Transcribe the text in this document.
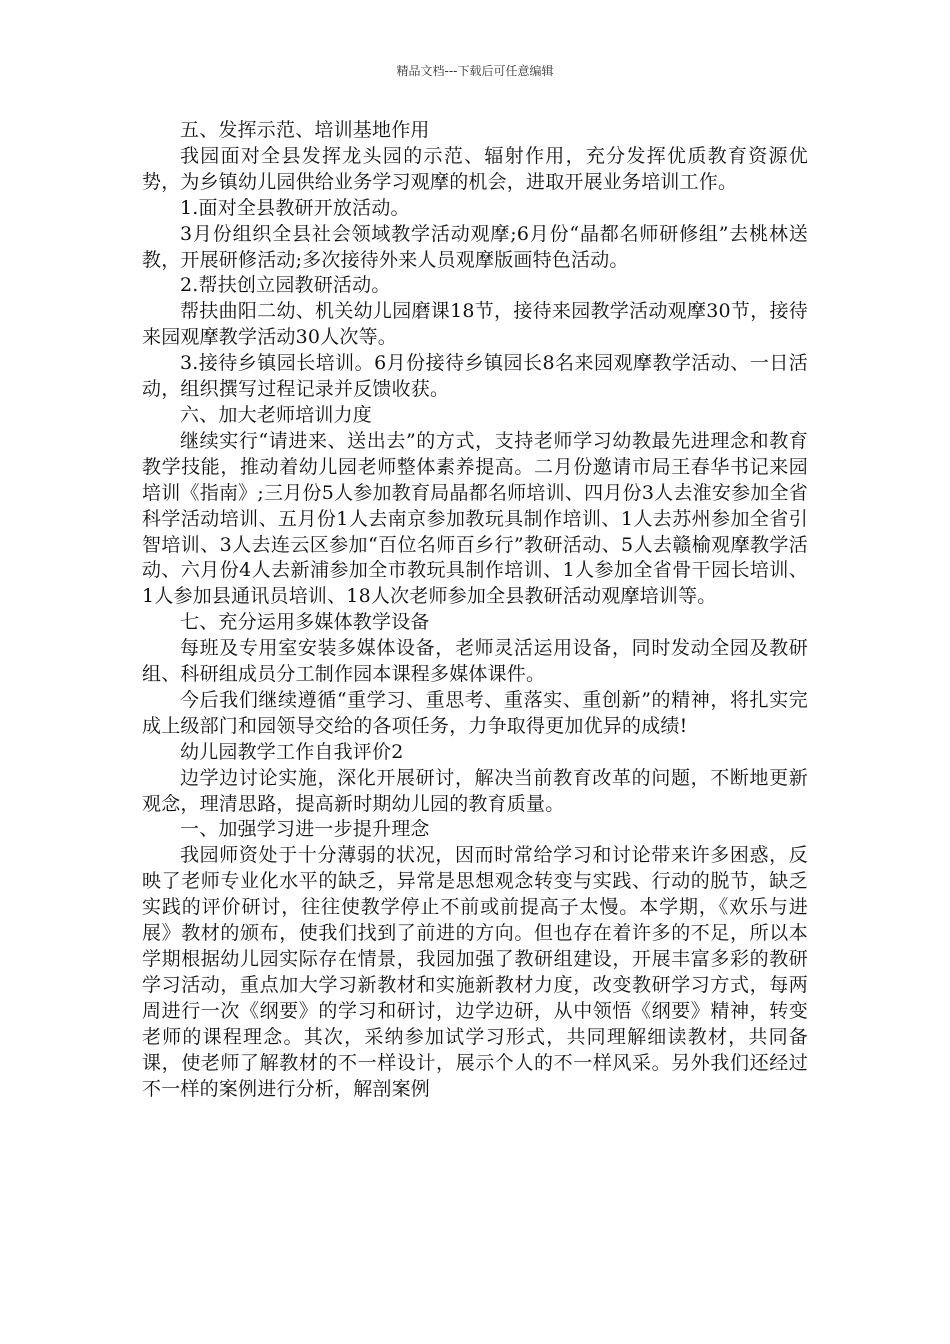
精品文档---下载后可任意编辑

五、发挥示范、培训基地作用

我园面对全县发挥龙头园的示范、辐射作用，充分发挥优质教育资源优势，为乡镇幼儿园供给业务学习观摩的机会，进取开展业务培训工作。

1.面对全县教研开放活动。

3月份组织全县社会领域教学活动观摩;6月份“晶都名师研修组”去桃林送教，开展研修活动;多次接待外来人员观摩版画特色活动。

2.帮扶创立园教研活动。

帮扶曲阳二幼、机关幼儿园磨课18节，接待来园教学活动观摩30节，接待来园观摩教学活动30人次等。

3.接待乡镇园长培训。6月份接待乡镇园长8名来园观摩教学活动、一日活动，组织撰写过程记录并反馈收获。

六、加大老师培训力度

继续实行“请进来、送出去”的方式，支持老师学习幼教最先进理念和教育教学技能，推动着幼儿园老师整体素养提高。二月份邀请市局王春华书记来园培训《指南》;三月份5人参加教育局晶都名师培训、四月份3人去淮安参加全省科学活动培训、五月份1人去南京参加教玩具制作培训、1人去苏州参加全省引智培训、3人去连云区参加“百位名师百乡行”教研活动、5人去赣榆观摩教学活动、六月份4人去新浦参加全市教玩具制作培训、1人参加全省骨干园长培训、1人参加县通讯员培训、18人次老师参加全县教研活动观摩培训等。

七、充分运用多媒体教学设备

每班及专用室安装多媒体设备，老师灵活运用设备，同时发动全园及教研组、科研组成员分工制作园本课程多媒体课件。

今后我们继续遵循“重学习、重思考、重落实、重创新”的精神，将扎实完成上级部门和园领导交给的各项任务，力争取得更加优异的成绩!

幼儿园教学工作自我评价2

边学边讨论实施，深化开展研讨，解决当前教育改革的问题，不断地更新观念，理清思路，提高新时期幼儿园的教育质量。

一、加强学习进一步提升理念

我园师资处于十分薄弱的状况，因而时常给学习和讨论带来许多困惑，反映了老师专业化水平的缺乏，异常是思想观念转变与实践、行动的脱节，缺乏实践的评价研讨，往往使教学停止不前或前提高子太慢。本学期，《欢乐与进展》教材的颁布，使我们找到了前进的方向。但也存在着许多的不足，所以本学期根据幼儿园实际存在情景，我园加强了教研组建设，开展丰富多彩的教研学习活动，重点加大学习新教材和实施新教材力度，改变教研学习方式，每两周进行一次《纲要》的学习和研讨，边学边研，从中领悟《纲要》精神，转变老师的课程理念。其次，采纳参加试学习形式，共同理解细读教材，共同备课，使老师了解教材的不一样设计，展示个人的不一样风采。另外我们还经过不一样的案例进行分析，解剖案例
